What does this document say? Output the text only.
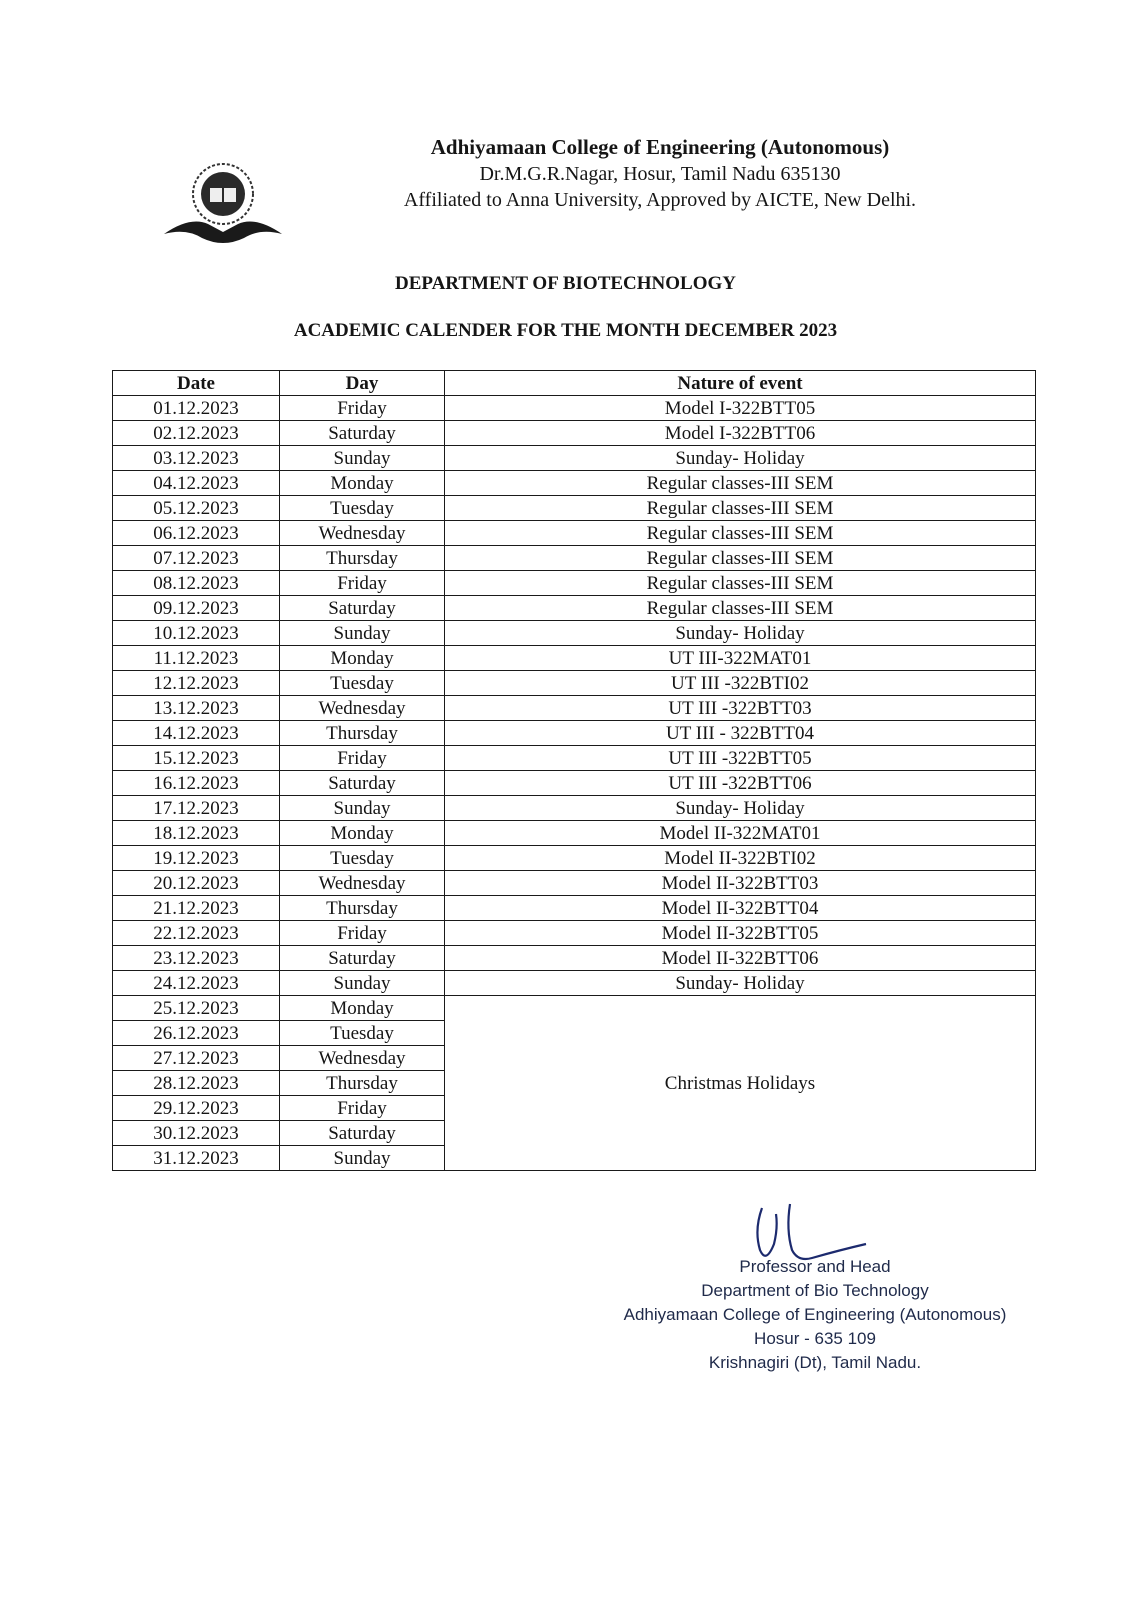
Adhiyamaan College of Engineering (Autonomous)
Dr.M.G.R.Nagar, Hosur, Tamil Nadu 635130
Affiliated to Anna University, Approved by AICTE, New Delhi.
DEPARTMENT OF BIOTECHNOLOGY
ACADEMIC CALENDER FOR THE MONTH DECEMBER 2023
Date	Day	Nature of event
01.12.2023	Friday	Model I-322BTT05
02.12.2023	Saturday	Model I-322BTT06
03.12.2023	Sunday	Sunday- Holiday
04.12.2023	Monday	Regular classes-III SEM
05.12.2023	Tuesday	Regular classes-III SEM
06.12.2023	Wednesday	Regular classes-III SEM
07.12.2023	Thursday	Regular classes-III SEM
08.12.2023	Friday	Regular classes-III SEM
09.12.2023	Saturday	Regular classes-III SEM
10.12.2023	Sunday	Sunday- Holiday
11.12.2023	Monday	UT III-322MAT01
12.12.2023	Tuesday	UT III -322BTI02
13.12.2023	Wednesday	UT III -322BTT03
14.12.2023	Thursday	UT III - 322BTT04
15.12.2023	Friday	UT III -322BTT05
16.12.2023	Saturday	UT III -322BTT06
17.12.2023	Sunday	Sunday- Holiday
18.12.2023	Monday	Model II-322MAT01
19.12.2023	Tuesday	Model II-322BTI02
20.12.2023	Wednesday	Model II-322BTT03
21.12.2023	Thursday	Model II-322BTT04
22.12.2023	Friday	Model II-322BTT05
23.12.2023	Saturday	Model II-322BTT06
24.12.2023	Sunday	Sunday- Holiday
25.12.2023	Monday	Christmas Holidays
26.12.2023	Tuesday	
27.12.2023	Wednesday	
28.12.2023	Thursday	
29.12.2023	Friday	
30.12.2023	Saturday	
31.12.2023	Sunday	
Professor and Head
Department of Bio Technology
Adhiyamaan College of Engineering (Autonomous)
Hosur - 635 109
Krishnagiri (Dt), Tamil Nadu.
